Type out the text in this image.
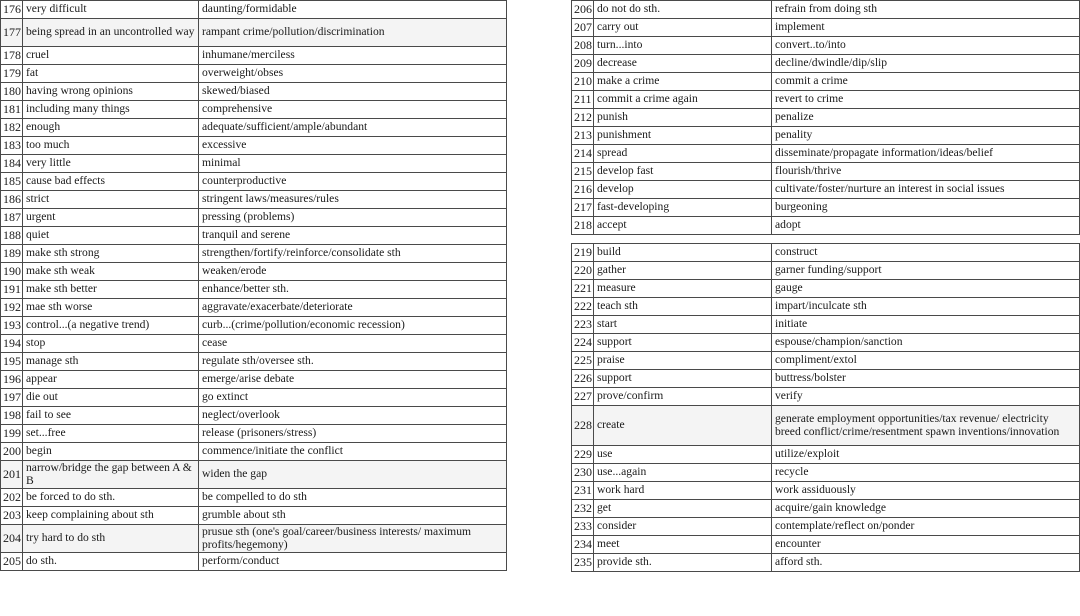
176	very difficult	daunting/formidable
177	being spread in an uncontrolled way	rampant crime/pollution/discrimination
178	cruel	inhumane/merciless
179	fat	overweight/obses
180	having wrong opinions	skewed/biased
181	including many things	comprehensive
182	enough	adequate/sufficient/ample/abundant
183	too much	excessive
184	very little	minimal
185	cause bad effects	counterproductive
186	strict	stringent laws/measures/rules
187	urgent	pressing (problems)
188	quiet	tranquil and serene
189	make sth strong	strengthen/fortify/reinforce/consolidate sth
190	make sth weak	weaken/erode
191	make sth better	enhance/better sth.
192	mae sth worse	aggravate/exacerbate/deteriorate
193	control...(a negative trend)	curb...(crime/pollution/economic recession)
194	stop	cease
195	manage sth	regulate sth/oversee sth.
196	appear	emerge/arise debate
197	die out	go extinct
198	fail to see	neglect/overlook
199	set...free	release (prisoners/stress)
200	begin	commence/initiate the conflict
201	narrow/bridge the gap between A & B	widen the gap
202	be forced to do sth.	be compelled to do sth
203	keep complaining about sth	grumble about sth
204	try hard to do sth	prusue sth (one's goal/career/business interests/ maximum profits/hegemony)
205	do sth.	perform/conduct
206	do not do sth.	refrain from doing sth
207	carry out	implement
208	turn...into	convert..to/into
209	decrease	decline/dwindle/dip/slip
210	make a crime	commit a crime
211	commit a crime again	revert to crime
212	punish	penalize
213	punishment	penality
214	spread	disseminate/propagate information/ideas/belief
215	develop fast	flourish/thrive
216	develop	cultivate/foster/nurture an interest in social issues
217	fast-developing	burgeoning
218	accept	adopt
219	build	construct
220	gather	garner funding/support
221	measure	gauge
222	teach sth	impart/inculcate sth
223	start	initiate
224	support	espouse/champion/sanction
225	praise	compliment/extol
226	support	buttress/bolster
227	prove/confirm	verify
228	create	generate employment opportunities/tax revenue/ electricity breed conflict/crime/resentment spawn inventions/innovation
229	use	utilize/exploit
230	use...again	recycle
231	work hard	work assiduously
232	get	acquire/gain knowledge
233	consider	contemplate/reflect on/ponder
234	meet	encounter
235	provide sth.	afford sth.
